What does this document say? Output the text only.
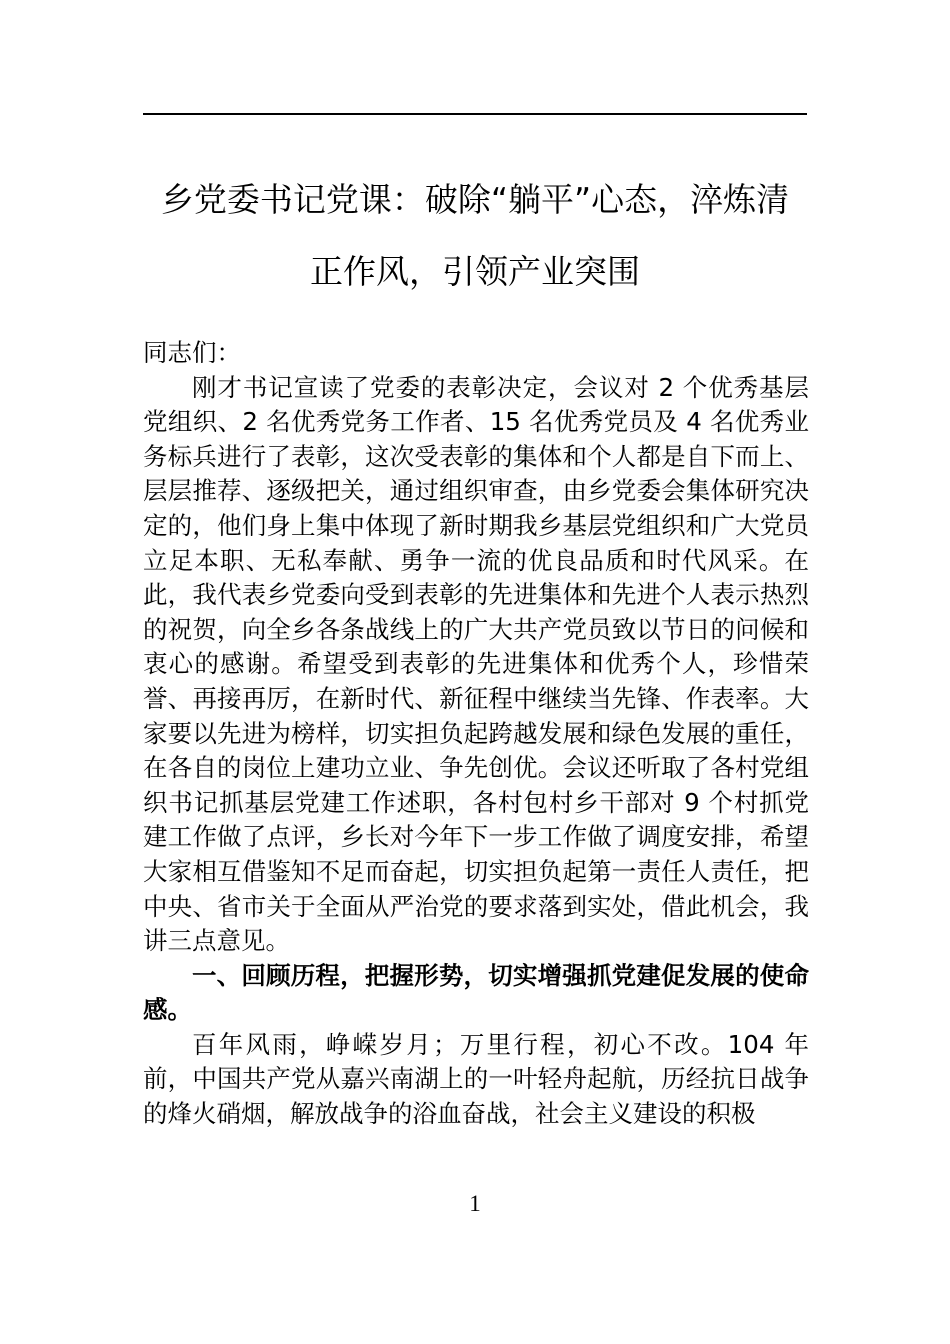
乡党委书记党课：破除“躺平”心态，淬炼清
正作风，引领产业突围

同志们：

刚才书记宣读了党委的表彰决定，会议对 2 个优秀基层党组织、2 名优秀党务工作者、15 名优秀党员及 4 名优秀业务标兵进行了表彰，这次受表彰的集体和个人都是自下而上、层层推荐、逐级把关，通过组织审查，由乡党委会集体研究决定的，他们身上集中体现了新时期我乡基层党组织和广大党员立足本职、无私奉献、勇争一流的优良品质和时代风采。在此，我代表乡党委向受到表彰的先进集体和先进个人表示热烈的祝贺，向全乡各条战线上的广大共产党员致以节日的问候和衷心的感谢。希望受到表彰的先进集体和优秀个人，珍惜荣誉、再接再厉，在新时代、新征程中继续当先锋、作表率。大家要以先进为榜样，切实担负起跨越发展和绿色发展的重任，在各自的岗位上建功立业、争先创优。会议还听取了各村党组织书记抓基层党建工作述职，各村包村乡干部对 9 个村抓党建工作做了点评，乡长对今年下一步工作做了调度安排，希望大家相互借鉴知不足而奋起，切实担负起第一责任人责任，把中央、省市关于全面从严治党的要求落到实处，借此机会，我讲三点意见。

一、回顾历程，把握形势，切实增强抓党建促发展的使命感。

百年风雨，峥嵘岁月；万里行程，初心不改。104 年前，中国共产党从嘉兴南湖上的一叶轻舟起航，历经抗日战争的烽火硝烟，解放战争的浴血奋战，社会主义建设的积极

1
